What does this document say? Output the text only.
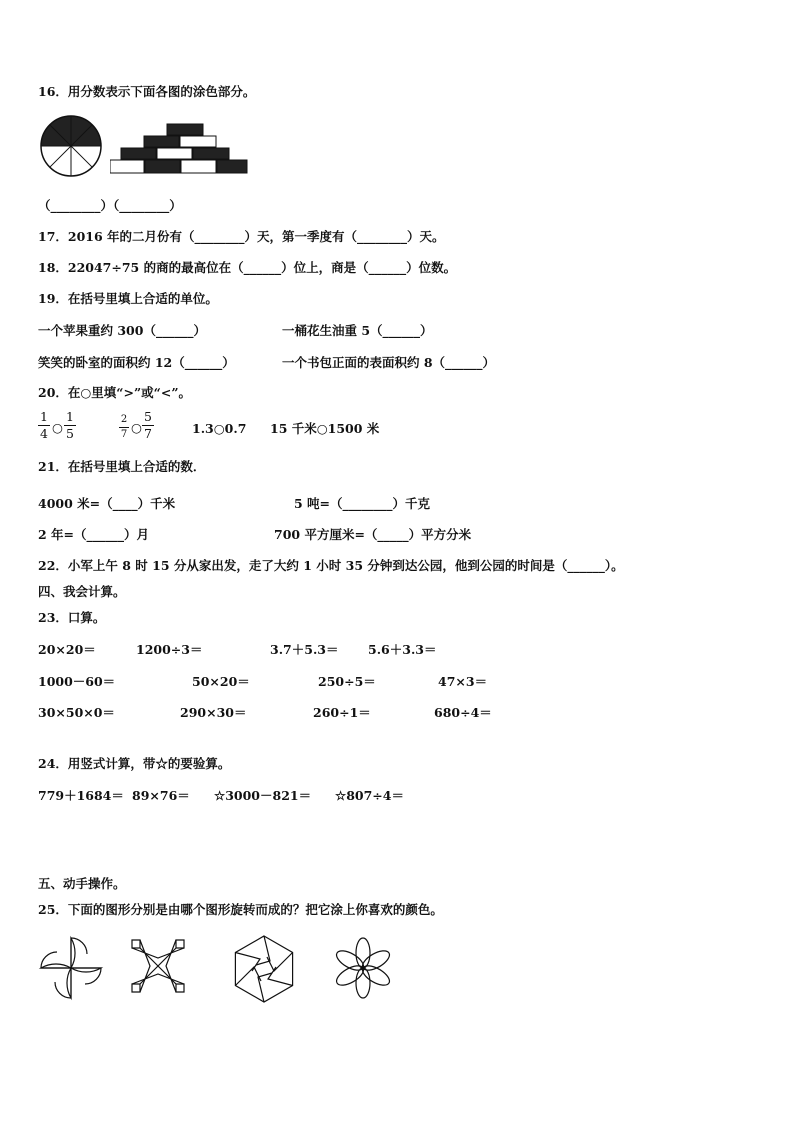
16．用分数表示下面各图的涂色部分。
（________）（________）
17．2016 年的二月份有（________）天，第一季度有（________）天。
18．22047÷75 的商的最高位在（______）位上，商是（______）位数。
19．在括号里填上合适的单位。
一个苹果重约 300（______）	一桶花生油重 5（______）
笑笑的卧室的面积约 12（______）	一个书包正面的表面积约 8（______）
20．在○里填“>”或“<”。
1
4 ○
1
5
2
7 ○
5
7	1.3○0.7 15 千米○1500 米
21．在括号里填上合适的数．
4000 米=（____）千米	5 吨=（________）千克
2 年=（______）月	700 平方厘米=（_____）平方分米
22．小军上午 8 时 15 分从家出发，走了大约 1 小时 35 分钟到达公园，他到公园的时间是（______）。
四、我会计算。
23．口算。
20×20＝	1200÷3＝	3.7＋5.3＝ 5.6＋3.3＝
1000－60＝	50×20＝	250÷5＝	47×3＝
30×50×0＝	290×30＝	260÷1＝	680÷4＝
24．用竖式计算，带☆的要验算。
779＋1684＝ 89×76＝ ☆3000－821＝ ☆807÷4＝
五、动手操作。
25．下面的图形分别是由哪个图形旋转而成的？把它涂上你喜欢的颜色。
